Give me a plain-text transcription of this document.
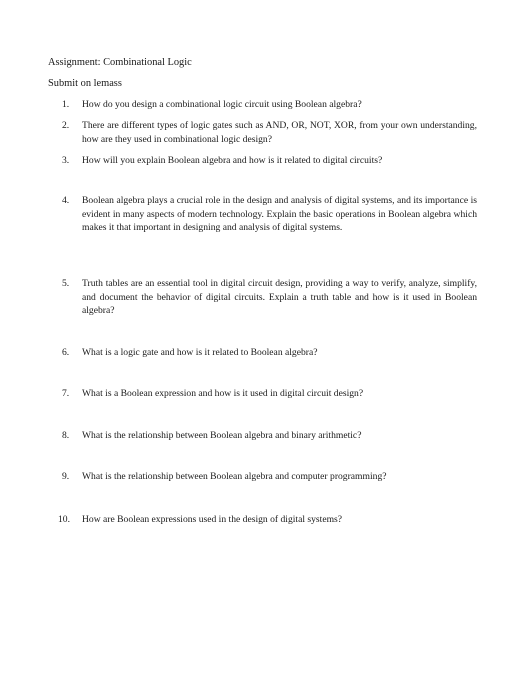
Assignment: Combinational Logic
Submit on lemass
1. How do you design a combinational logic circuit using Boolean algebra?
2. There are different types of logic gates such as AND, OR, NOT, XOR, from your own understanding, how are they used in combinational logic design?
3. How will you explain Boolean algebra and how is it related to digital circuits?
4. Boolean algebra plays a crucial role in the design and analysis of digital systems, and its importance is evident in many aspects of modern technology. Explain the basic operations in Boolean algebra which makes it that important in designing and analysis of digital systems.
5. Truth tables are an essential tool in digital circuit design, providing a way to verify, analyze, simplify, and document the behavior of digital circuits. Explain a truth table and how is it used in Boolean algebra?
6. What is a logic gate and how is it related to Boolean algebra?
7. What is a Boolean expression and how is it used in digital circuit design?
8. What is the relationship between Boolean algebra and binary arithmetic?
9. What is the relationship between Boolean algebra and computer programming?
10. How are Boolean expressions used in the design of digital systems?
